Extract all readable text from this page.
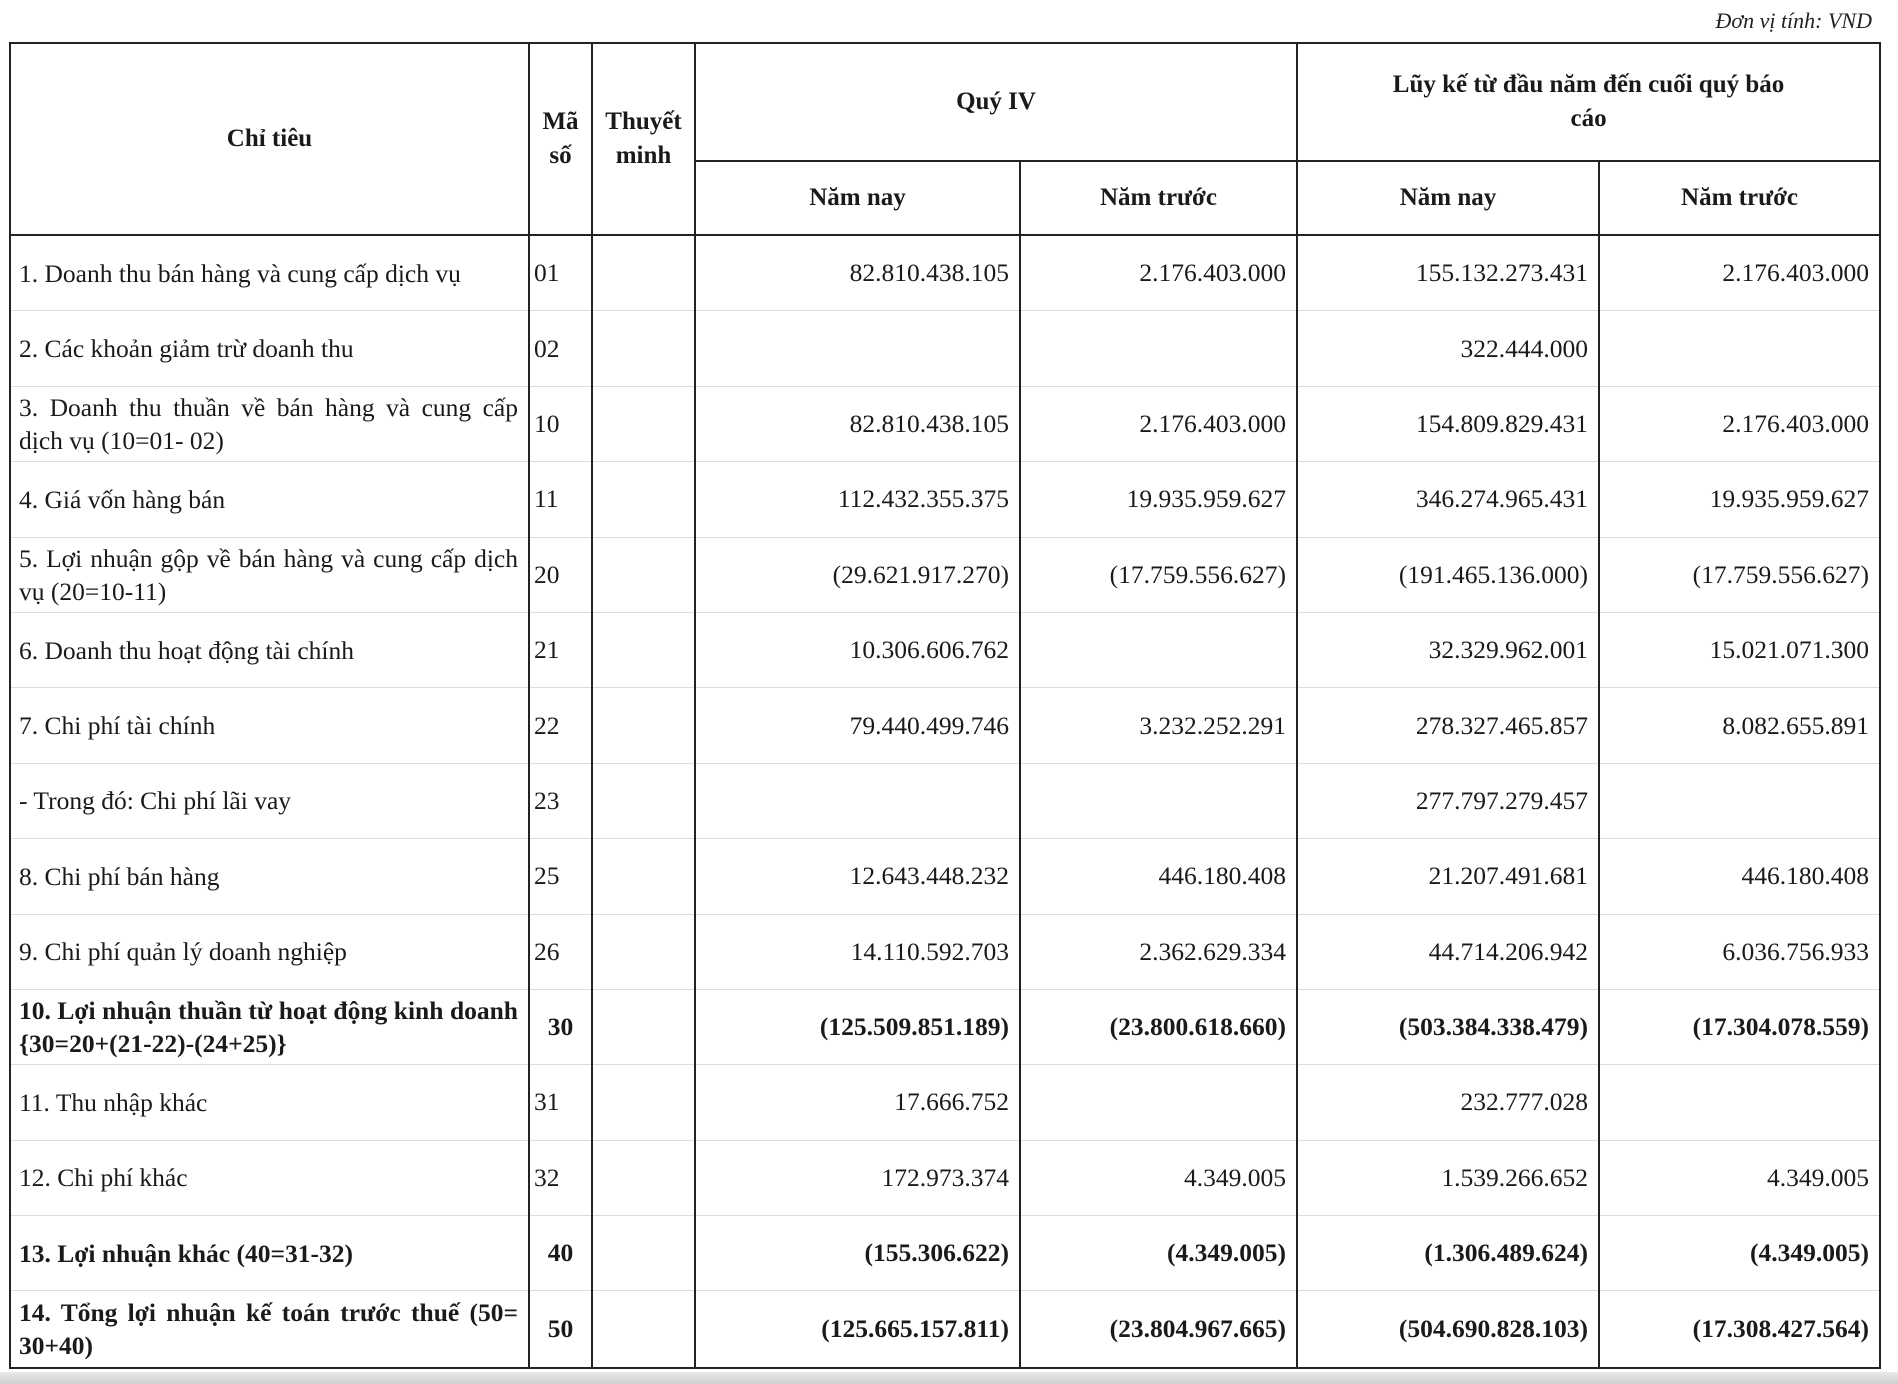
Đơn vị tính: VND
Chỉ tiêu	Mã số	Thuyết minh	Quý IV		Lũy kế từ đầu năm đến cuối quý báo cáo	
			Năm nay	Năm trước	Năm nay	Năm trước
1. Doanh thu bán hàng và cung cấp dịch vụ	01		82.810.438.105	2.176.403.000	155.132.273.431	2.176.403.000
2. Các khoản giảm trừ doanh thu	02				322.444.000	
3. Doanh thu thuần về bán hàng và cung cấp dịch vụ (10=01- 02)	10		82.810.438.105	2.176.403.000	154.809.829.431	2.176.403.000
4. Giá vốn hàng bán	11		112.432.355.375	19.935.959.627	346.274.965.431	19.935.959.627
5. Lợi nhuận gộp về bán hàng và cung cấp dịch vụ (20=10-11)	20		(29.621.917.270)	(17.759.556.627)	(191.465.136.000)	(17.759.556.627)
6. Doanh thu hoạt động tài chính	21		10.306.606.762		32.329.962.001	15.021.071.300
7. Chi phí tài chính	22		79.440.499.746	3.232.252.291	278.327.465.857	8.082.655.891
- Trong đó: Chi phí lãi vay	23				277.797.279.457	
8. Chi phí bán hàng	25		12.643.448.232	446.180.408	21.207.491.681	446.180.408
9. Chi phí quản lý doanh nghiệp	26		14.110.592.703	2.362.629.334	44.714.206.942	6.036.756.933
10. Lợi nhuận thuần từ hoạt động kinh doanh {30=20+(21-22)-(24+25)}	30		(125.509.851.189)	(23.800.618.660)	(503.384.338.479)	(17.304.078.559)
11. Thu nhập khác	31		17.666.752		232.777.028	
12. Chi phí khác	32		172.973.374	4.349.005	1.539.266.652	4.349.005
13. Lợi nhuận khác (40=31-32)	40		(155.306.622)	(4.349.005)	(1.306.489.624)	(4.349.005)
14. Tổng lợi nhuận kế toán trước thuế (50= 30+40)	50		(125.665.157.811)	(23.804.967.665)	(504.690.828.103)	(17.308.427.564)
